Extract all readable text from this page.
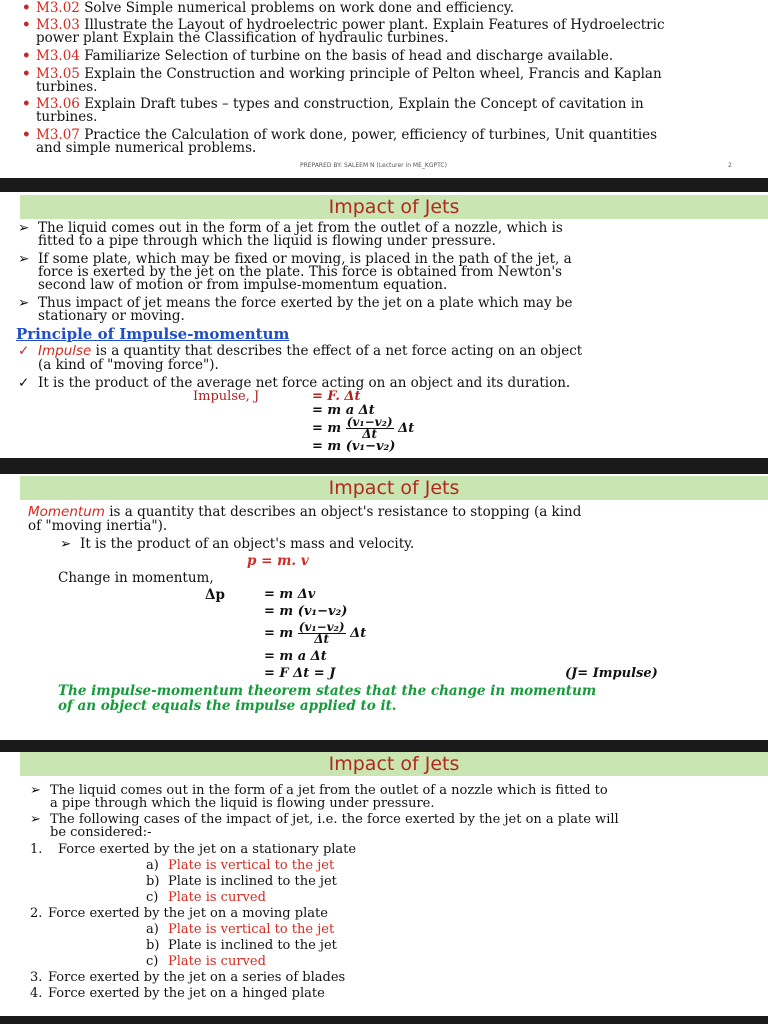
• M3.02 Solve Simple numerical problems on work done and efficiency.
• M3.03 Illustrate the Layout of hydroelectric power plant. Explain Features of Hydroelectric
power plant Explain the Classification of hydraulic turbines.
• M3.04 Familiarize Selection of turbine on the basis of head and discharge available.
• M3.05 Explain the Construction and working principle of Pelton wheel, Francis and Kaplan
turbines.
• M3.06 Explain Draft tubes – types and construction, Explain the Concept of cavitation in
turbines.
• M3.07 Practice the Calculation of work done, power, efficiency of turbines, Unit quantities
and simple numerical problems.
PREPARED BY: SALEEM N (Lecturer in ME_KGPTC)	2
Impact of Jets
➢ The liquid comes out in the form of a jet from the outlet of a nozzle, which is
fitted to a pipe through which the liquid is flowing under pressure.
➢ If some plate, which may be fixed or moving, is placed in the path of the jet, a
force is exerted by the jet on the plate. This force is obtained from Newton's
second law of motion or from impulse-momentum equation.
➢ Thus impact of jet means the force exerted by the jet on a plate which may be
stationary or moving.
Principle of Impulse-momentum
✓ Impulse is a quantity that describes the effect of a net force acting on an object
(a kind of "moving force").
✓ It is the product of the average net force acting on an object and its duration.
Impulse, J	= F. Δt
= m a Δt
= m $\frac{\text{(v₁−v₂)}}{\Delta t}$ Δt
= m (v₁−v₂)
Impact of Jets
Momentum is a quantity that describes an object's resistance to stopping (a kind
of "moving inertia").
➢ It is the product of an object's mass and velocity.
p = m. v
Change in momentum,
Δp	= m Δv
= m (v₁−v₂)
= m $\frac{\text{(v₁−v₂)}}{\Delta t}$ Δt
= m a Δt
= F Δt = J	(J= Impulse)
The impulse-momentum theorem states that the change in momentum
of an object equals the impulse applied to it.
Impact of Jets
➢ The liquid comes out in the form of a jet from the outlet of a nozzle which is fitted to
a pipe through which the liquid is flowing under pressure.
➢ The following cases of the impact of jet, i.e. the force exerted by the jet on a plate will
be considered:-
1. Force exerted by the jet on a stationary plate
a) Plate is vertical to the jet
b) Plate is inclined to the jet
c) Plate is curved
2. Force exerted by the jet on a moving plate
a) Plate is vertical to the jet
b) Plate is inclined to the jet
c) Plate is curved
3. Force exerted by the jet on a series of blades
4. Force exerted by the jet on a hinged plate
